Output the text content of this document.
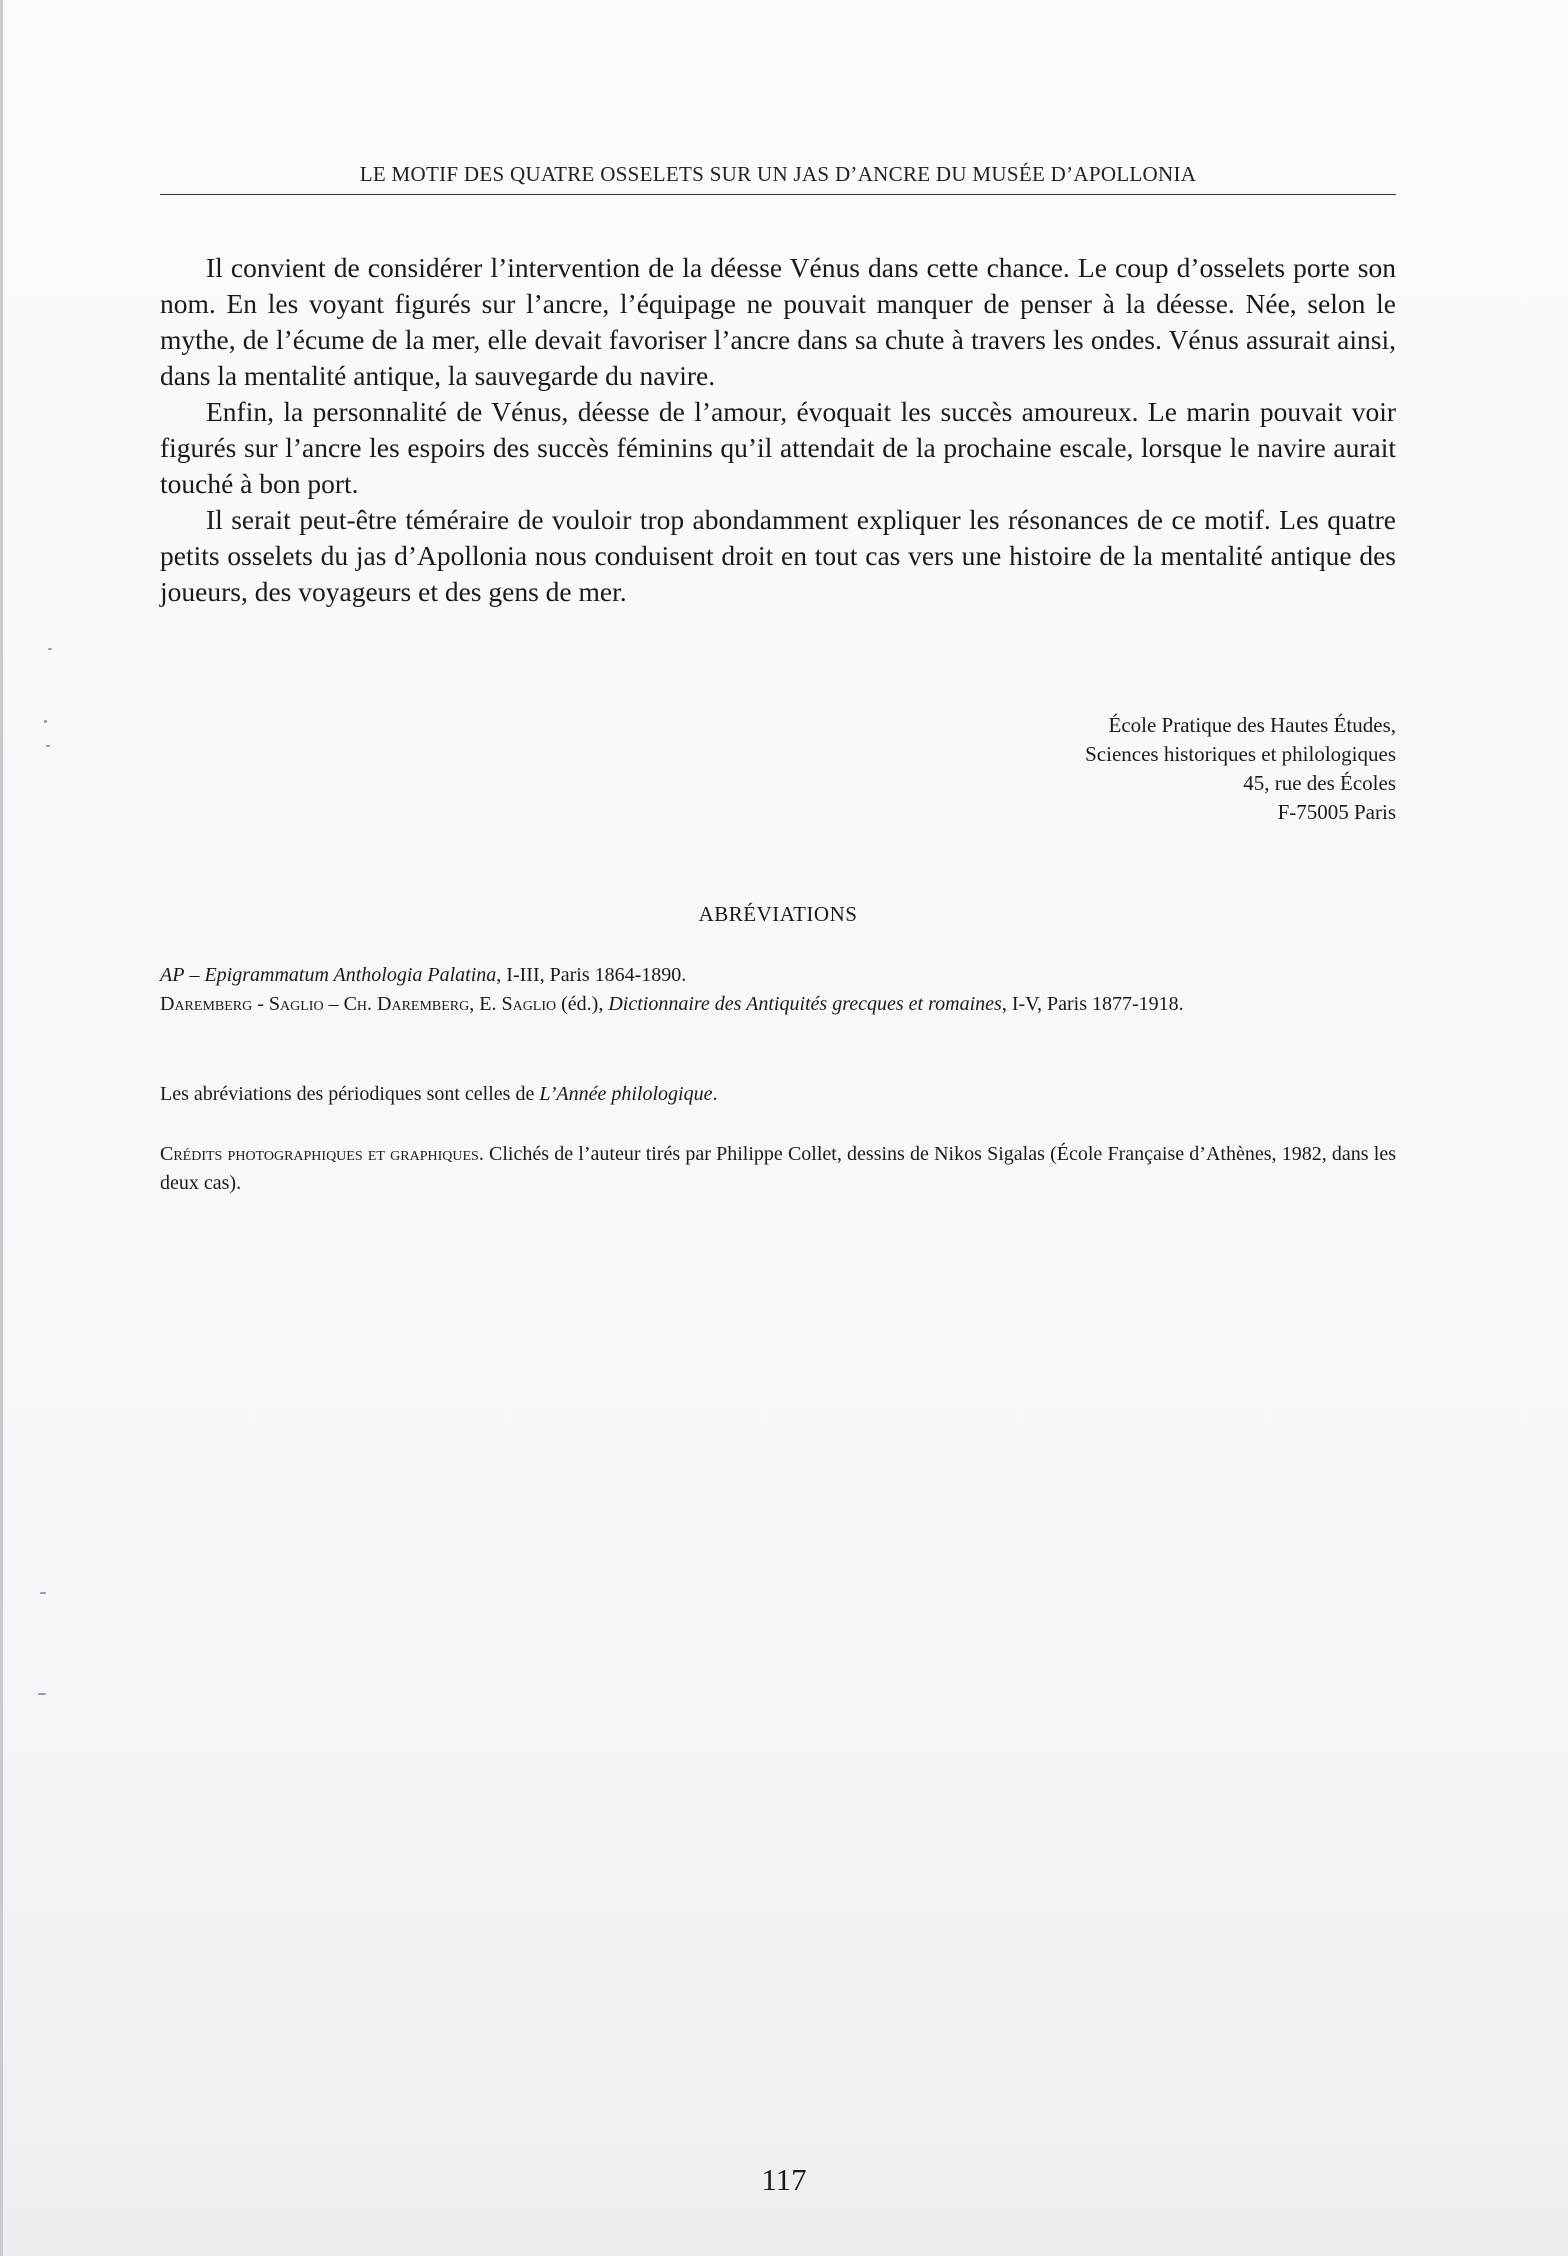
LE MOTIF DES QUATRE OSSELETS SUR UN JAS D’ANCRE DU MUSÉE D’APOLLONIA

Il convient de considérer l’intervention de la déesse Vénus dans cette chance. Le coup d’osselets porte son nom. En les voyant figurés sur l’ancre, l’équipage ne pouvait manquer de penser à la déesse. Née, selon le mythe, de l’écume de la mer, elle devait favoriser l’ancre dans sa chute à travers les ondes. Vénus assurait ainsi, dans la mentalité antique, la sauvegarde du navire.

Enfin, la personnalité de Vénus, déesse de l’amour, évoquait les succès amoureux. Le marin pouvait voir figurés sur l’ancre les espoirs des succès féminins qu’il attendait de la prochaine escale, lorsque le navire aurait touché à bon port.

Il serait peut-être téméraire de vouloir trop abondamment expliquer les résonances de ce motif. Les quatre petits osselets du jas d’Apollonia nous conduisent droit en tout cas vers une histoire de la mentalité antique des joueurs, des voyageurs et des gens de mer.

École Pratique des Hautes Études,
Sciences historiques et philologiques
45, rue des Écoles
F-75005 Paris
ABRÉVIATIONS
AP – Epigrammatum Anthologia Palatina, I-III, Paris 1864-1890.
Daremberg - Saglio – Ch. Daremberg, E. Saglio (éd.), Dictionnaire des Antiquités grecques et romaines, I-V, Paris 1877-1918.
Les abréviations des périodiques sont celles de L’Année philologique.
Crédits photographiques et graphiques. Clichés de l’auteur tirés par Philippe Collet, dessins de Nikos Sigalas (École Française d’Athènes, 1982, dans les deux cas).
117
